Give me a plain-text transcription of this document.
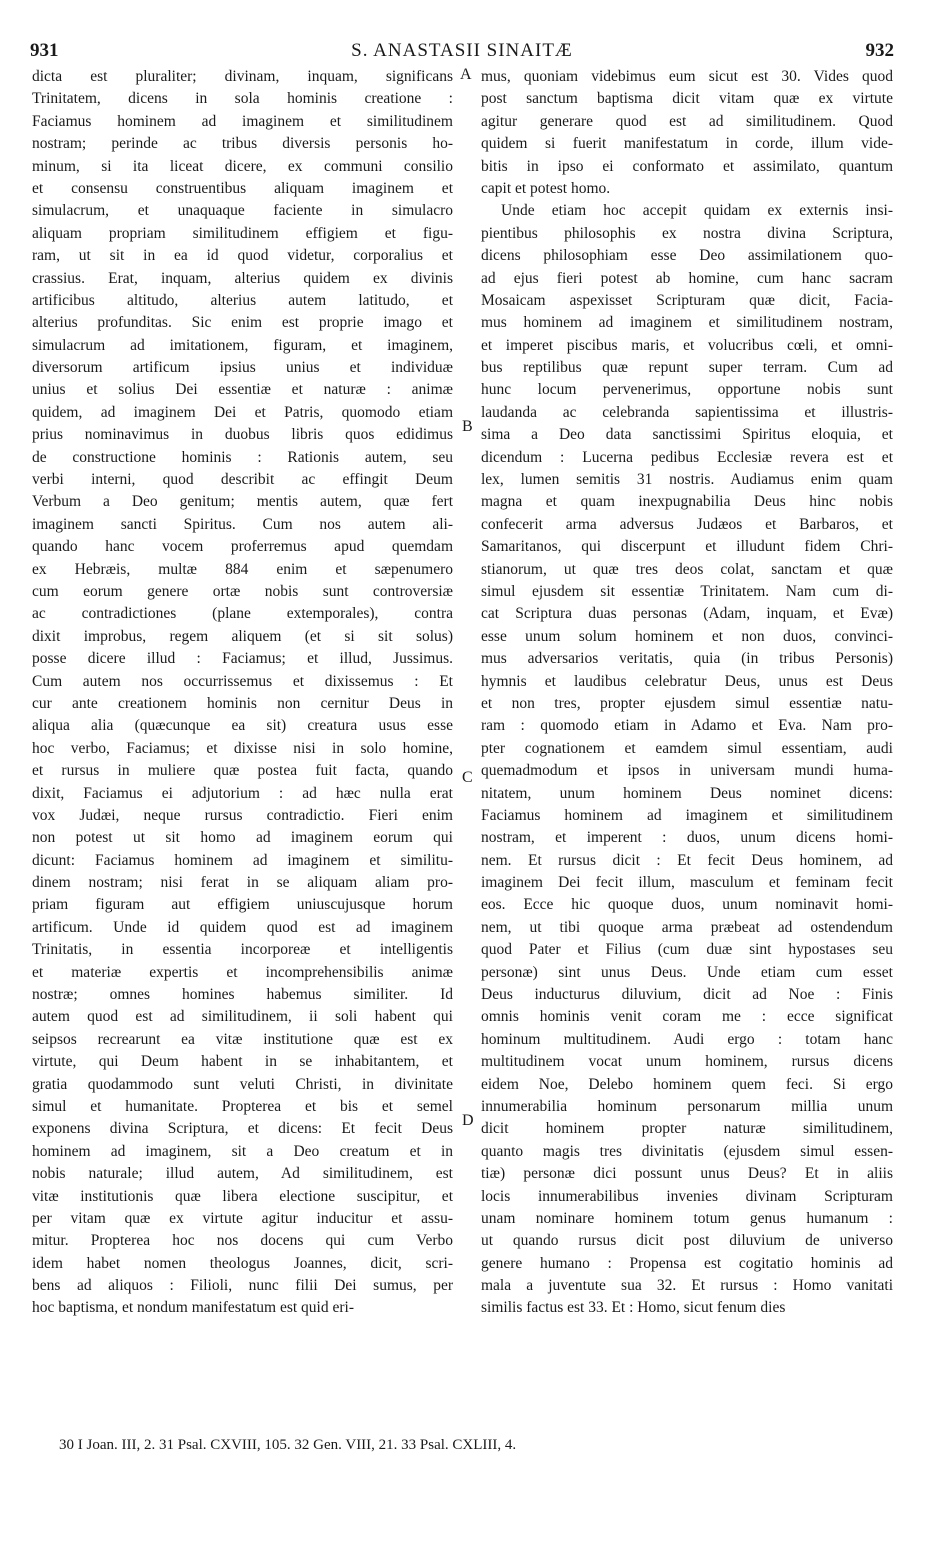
931	S. ANASTASII SINAITÆ	932
dicta est pluraliter; divinam, inquam, significans
Trinitatem, dicens in sola hominis creatione :
Faciamus hominem ad imaginem et similitudinem
nostram; perinde ac tribus diversis personis ho-
minum, si ita liceat dicere, ex communi consilio
et consensu construentibus aliquam imaginem et
simulacrum, et unaquaque faciente in simulacro
aliquam propriam similitudinem effigiem et figu-
ram, ut sit in ea id quod videtur, corporalius et
crassius. Erat, inquam, alterius quidem ex divinis
artificibus altitudo, alterius autem latitudo, et
alterius profunditas. Sic enim est proprie imago et
simulacrum ad imitationem, figuram, et imaginem,
diversorum artificum ipsius unius et individuæ
unius et solius Dei essentiæ et naturæ : animæ
quidem, ad imaginem Dei et Patris, quomodo etiam
prius nominavimus in duobus libris quos edidimus
de constructione hominis : Rationis autem, seu
verbi interni, quod describit ac effingit Deum
Verbum a Deo genitum; mentis autem, quæ fert
imaginem sancti Spiritus. Cum nos autem ali-
quando hanc vocem proferremus apud quemdam
ex Hebræis, multæ 884 enim et sæpenumero
cum eorum genere ortæ nobis sunt controversiæ
ac contradictiones (plane extemporales), contra
dixit improbus, regem aliquem (et si sit solus)
posse dicere illud : Faciamus; et illud, Jussimus.
Cum autem nos occurrissemus et dixissemus : Et
cur ante creationem hominis non cernitur Deus in
aliqua alia (quæcunque ea sit) creatura usus esse
hoc verbo, Faciamus; et dixisse nisi in solo homine,
et rursus in muliere quæ postea fuit facta, quando
dixit, Faciamus ei adjutorium : ad hæc nulla erat
vox Judæi, neque rursus contradictio. Fieri enim
non potest ut sit homo ad imaginem eorum qui
dicunt: Faciamus hominem ad imaginem et similitu-
dinem nostram; nisi ferat in se aliquam aliam pro-
priam figuram aut effigiem uniuscujusque horum
artificum. Unde id quidem quod est ad imaginem
Trinitatis, in essentia incorporeæ et intelligentis
et materiæ expertis et incomprehensibilis animæ
nostræ; omnes homines habemus similiter. Id
autem quod est ad similitudinem, ii soli habent qui
seipsos recrearunt ea vitæ institutione quæ est ex
virtute, qui Deum habent in se inhabitantem, et
gratia quodammodo sunt veluti Christi, in divinitate
simul et humanitate. Propterea et bis et semel
exponens divina Scriptura, et dicens: Et fecit Deus
hominem ad imaginem, sit a Deo creatum et in
nobis naturale; illud autem, Ad similitudinem, est
vitæ institutionis quæ libera electione suscipitur, et
per vitam quæ ex virtute agitur inducitur et assu-
mitur. Propterea hoc nos docens qui cum Verbo
idem habet nomen theologus Joannes, dicit, scri-
bens ad aliquos : Filioli, nunc filii Dei sumus, per
hoc baptisma, et nondum manifestatum est quid eri-
mus, quoniam videbimus eum sicut est 30. Vides quod
post sanctum baptisma dicit vitam quæ ex virtute
agitur generare quod est ad similitudinem. Quod
quidem si fuerit manifestatum in corde, illum vide-
bitis in ipso ei conformato et assimilato, quantum
capit et potest homo.
Unde etiam hoc accepit quidam ex externis insi-
pientibus philosophis ex nostra divina Scriptura,
dicens philosophiam esse Deo assimilationem quo-
ad ejus fieri potest ab homine, cum hanc sacram
Mosaicam aspexisset Scripturam quæ dicit, Facia-
mus hominem ad imaginem et similitudinem nostram,
et imperet piscibus maris, et volucribus cœli, et omni-
bus reptilibus quæ repunt super terram. Cum ad
hunc locum pervenerimus, opportune nobis sunt
laudanda ac celebranda sapientissima et illustris-
sima a Deo data sanctissimi Spiritus eloquia, et
dicendum : Lucerna pedibus Ecclesiæ revera est et
lex, lumen semitis 31 nostris. Audiamus enim quam
magna et quam inexpugnabilia Deus hinc nobis
confecerit arma adversus Judæos et Barbaros, et
Samaritanos, qui discerpunt et illudunt fidem Chri-
stianorum, ut quæ tres deos colat, sanctam et quæ
simul ejusdem sit essentiæ Trinitatem. Nam cum di-
cat Scriptura duas personas (Adam, inquam, et Evæ)
esse unum solum hominem et non duos, convinci-
mus adversarios veritatis, quia (in tribus Personis)
hymnis et laudibus celebratur Deus, unus est Deus
et non tres, propter ejusdem simul essentiæ natu-
ram : quomodo etiam in Adamo et Eva. Nam pro-
pter cognationem et eamdem simul essentiam, audi
quemadmodum et ipsos in universam mundi huma-
nitatem, unum hominem Deus nominet dicens:
Faciamus hominem ad imaginem et similitudinem
nostram, et imperent : duos, unum dicens homi-
nem. Et rursus dicit : Et fecit Deus hominem, ad
imaginem Dei fecit illum, masculum et feminam fecit
eos. Ecce hic quoque duos, unum nominavit homi-
nem, ut tibi quoque arma præbeat ad ostendendum
quod Pater et Filius (cum duæ sint hypostases seu
personæ) sint unus Deus. Unde etiam cum esset
Deus inducturus diluvium, dicit ad Noe : Finis
omnis hominis venit coram me : ecce significat
hominum multitudinem. Audi ergo : totam hanc
multitudinem vocat unum hominem, rursus dicens
eidem Noe, Delebo hominem quem feci. Si ergo
innumerabilia hominum personarum millia unum
dicit hominem propter naturæ similitudinem,
quanto magis tres divinitatis (ejusdem simul essen-
tiæ) personæ dici possunt unus Deus? Et in aliis
locis innumerabilibus invenies divinam Scripturam
unam nominare hominem totum genus humanum :
ut quando rursus dicit post diluvium de universo
genere humano : Propensa est cogitatio hominis ad
mala a juventute sua 32. Et rursus : Homo vanitati
similis factus est 33. Et : Homo, sicut fenum dies
A
B
C
D
30 I Joan. III, 2. 31 Psal. CXVIII, 105. 32 Gen. VIII, 21. 33 Psal. CXLIII, 4.
